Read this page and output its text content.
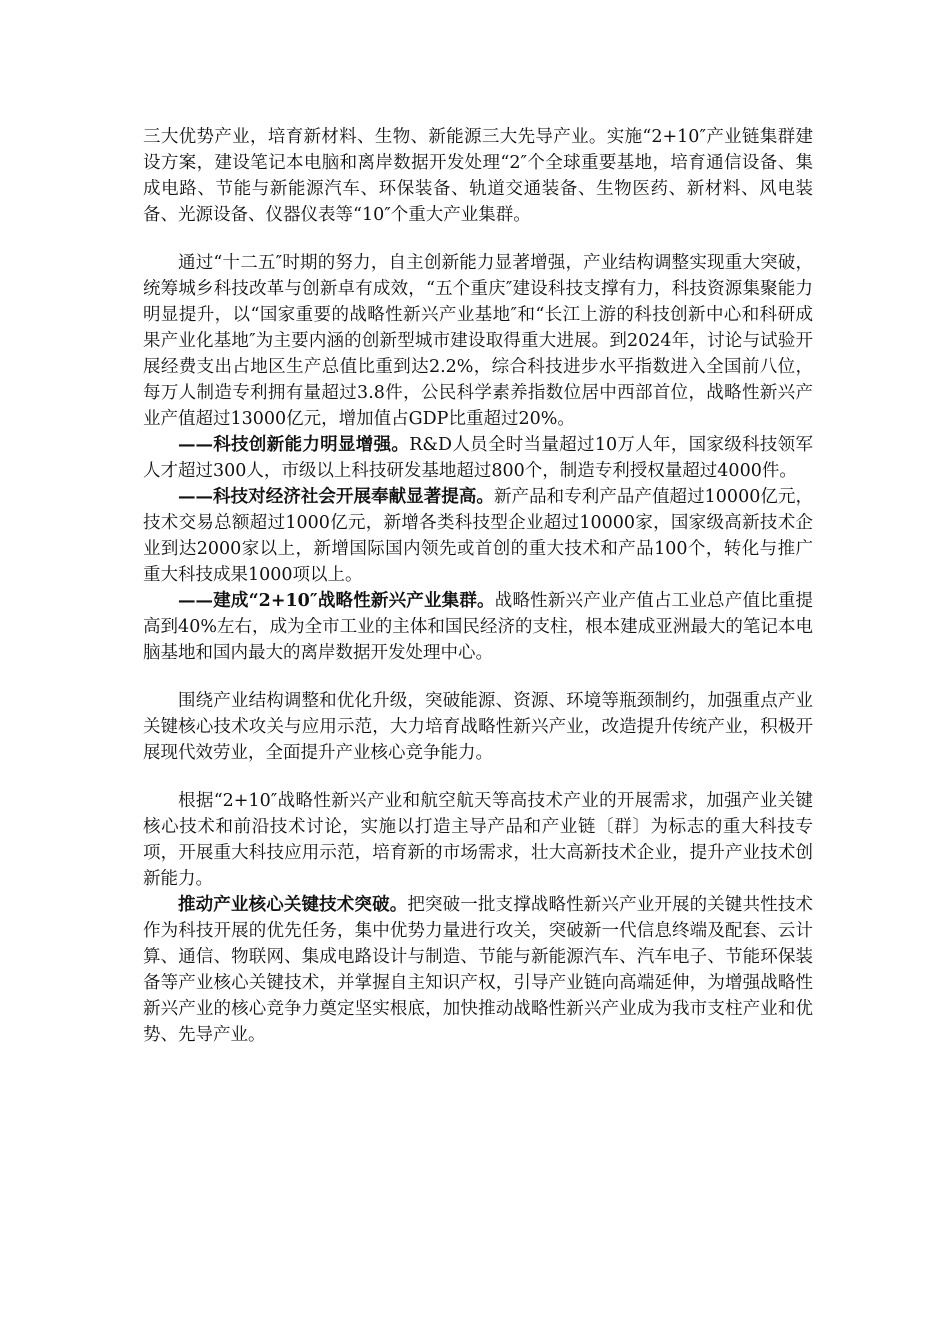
三大优势产业，培育新材料、生物、新能源三大先导产业。实施“2+10″产业链集群建设方案，建设笔记本电脑和离岸数据开发处理“2″个全球重要基地，培育通信设备、集成电路、节能与新能源汽车、环保装备、轨道交通装备、生物医药、新材料、风电装备、光源设备、仪器仪表等“10″个重大产业集群。

通过“十二五″时期的努力，自主创新能力显著增强，产业结构调整实现重大突破，统筹城乡科技改革与创新卓有成效，“五个重庆″建设科技支撑有力，科技资源集聚能力明显提升，以“国家重要的战略性新兴产业基地″和“长江上游的科技创新中心和科研成果产业化基地″为主要内涵的创新型城市建设取得重大进展。到2024年，讨论与试验开展经费支出占地区生产总值比重到达2.2%，综合科技进步水平指数进入全国前八位，每万人制造专利拥有量超过3.8件，公民科学素养指数位居中西部首位，战略性新兴产业产值超过13000亿元，增加值占GDP比重超过20%。

——科技创新能力明显增强。R&D人员全时当量超过10万人年，国家级科技领军人才超过300人，市级以上科技研发基地超过800个，制造专利授权量超过4000件。

——科技对经济社会开展奉献显著提高。新产品和专利产品产值超过10000亿元，技术交易总额超过1000亿元，新增各类科技型企业超过10000家，国家级高新技术企业到达2000家以上，新增国际国内领先或首创的重大技术和产品100个，转化与推广重大科技成果1000项以上。

——建成“2+10″战略性新兴产业集群。战略性新兴产业产值占工业总产值比重提高到40%左右，成为全市工业的主体和国民经济的支柱，根本建成亚洲最大的笔记本电脑基地和国内最大的离岸数据开发处理中心。

围绕产业结构调整和优化升级，突破能源、资源、环境等瓶颈制约，加强重点产业关键核心技术攻关与应用示范，大力培育战略性新兴产业，改造提升传统产业，积极开展现代效劳业，全面提升产业核心竞争能力。

根据“2+10″战略性新兴产业和航空航天等高技术产业的开展需求，加强产业关键核心技术和前沿技术讨论，实施以打造主导产品和产业链〔群〕为标志的重大科技专项，开展重大科技应用示范，培育新的市场需求，壮大高新技术企业，提升产业技术创新能力。

推动产业核心关键技术突破。把突破一批支撑战略性新兴产业开展的关键共性技术作为科技开展的优先任务，集中优势力量进行攻关，突破新一代信息终端及配套、云计算、通信、物联网、集成电路设计与制造、节能与新能源汽车、汽车电子、节能环保装备等产业核心关键技术，并掌握自主知识产权，引导产业链向高端延伸，为增强战略性新兴产业的核心竞争力奠定坚实根底，加快推动战略性新兴产业成为我市支柱产业和优势、先导产业。
